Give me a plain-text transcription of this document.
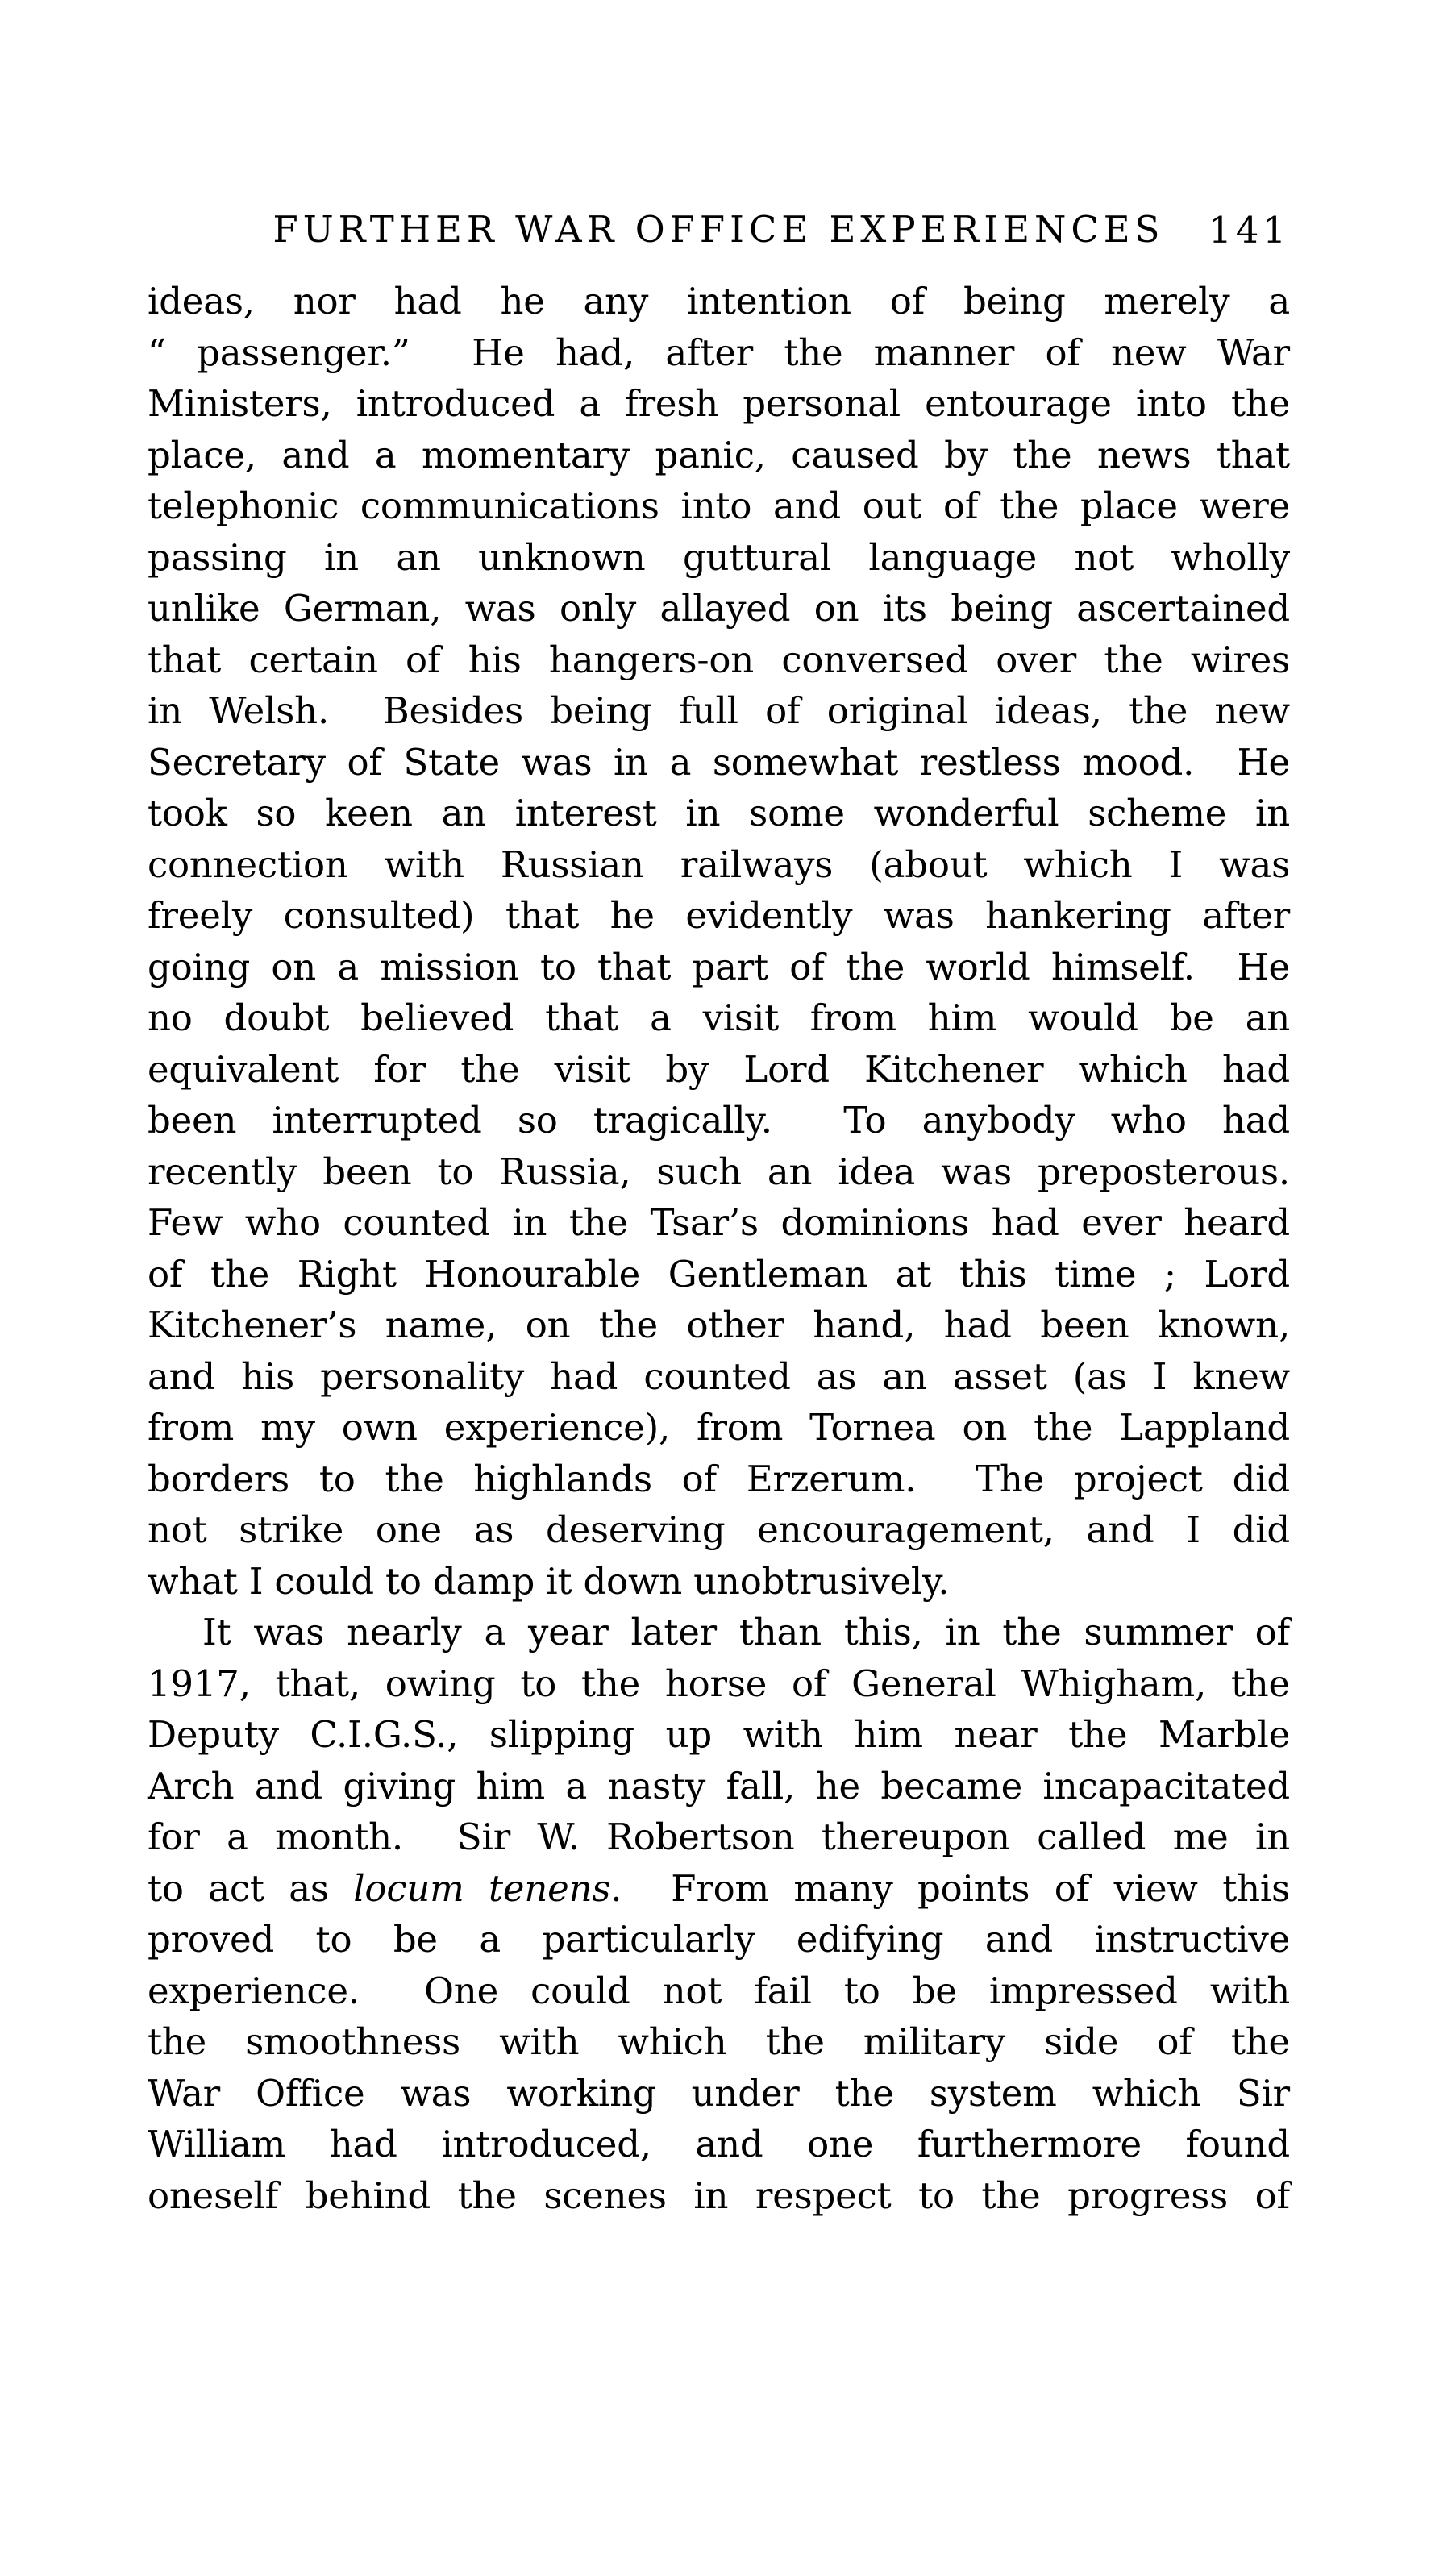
FURTHER WAR OFFICE EXPERIENCES	141
ideas, nor had he any intention of being merely a
“ passenger.”  He had, after the manner of new War
Ministers, introduced a fresh personal entourage into the
place, and a momentary panic, caused by the news that
telephonic communications into and out of the place were
passing in an unknown guttural language not wholly
unlike German, was only allayed on its being ascertained
that certain of his hangers-on conversed over the wires
in Welsh.  Besides being full of original ideas, the new
Secretary of State was in a somewhat restless mood.  He
took so keen an interest in some wonderful scheme in
connection with Russian railways (about which I was
freely consulted) that he evidently was hankering after
going on a mission to that part of the world himself.  He
no doubt believed that a visit from him would be an
equivalent for the visit by Lord Kitchener which had
been interrupted so tragically.  To anybody who had
recently been to Russia, such an idea was preposterous.
Few who counted in the Tsar’s dominions had ever heard
of the Right Honourable Gentleman at this time ; Lord
Kitchener’s name, on the other hand, had been known,
and his personality had counted as an asset (as I knew
from my own experience), from Tornea on the Lappland
borders to the highlands of Erzerum.  The project did
not strike one as deserving encouragement, and I did
what I could to damp it down unobtrusively.
It was nearly a year later than this, in the summer of
1917, that, owing to the horse of General Whigham, the
Deputy C.I.G.S., slipping up with him near the Marble
Arch and giving him a nasty fall, he became incapacitated
for a month.  Sir W. Robertson thereupon called me in
to act as locum tenens.  From many points of view this
proved to be a particularly edifying and instructive
experience.  One could not fail to be impressed with
the smoothness with which the military side of the
War Office was working under the system which Sir
William had introduced, and one furthermore found
oneself behind the scenes in respect to the progress of
